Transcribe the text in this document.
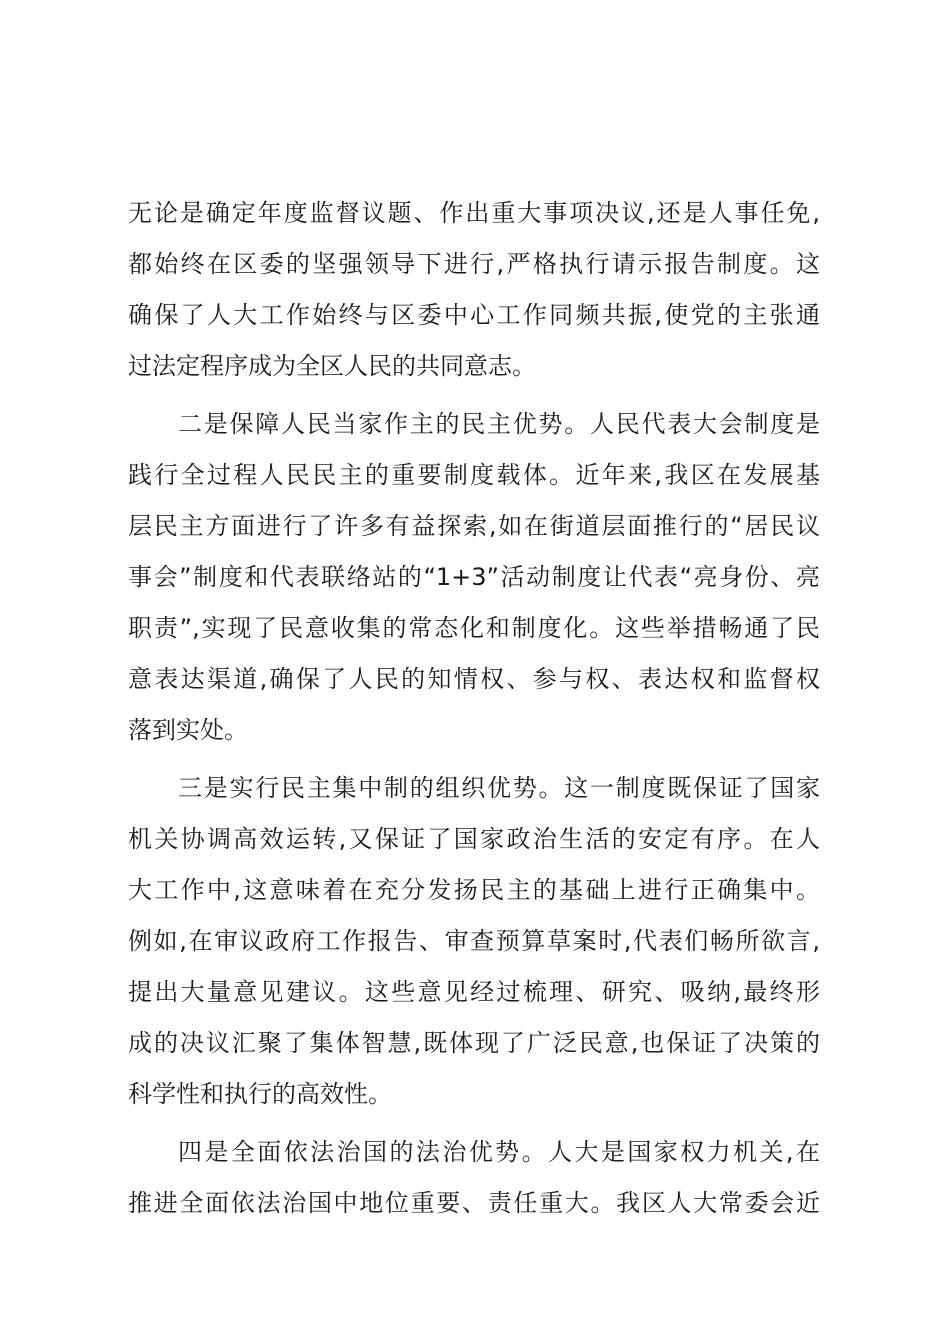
无论是确定年度监督议题、作出重大事项决议,还是人事任免,
都始终在区委的坚强领导下进行,严格执行请示报告制度。这
确保了人大工作始终与区委中心工作同频共振,使党的主张通
过法定程序成为全区人民的共同意志。
二是保障人民当家作主的民主优势。人民代表大会制度是
践行全过程人民民主的重要制度载体。近年来,我区在发展基
层民主方面进行了许多有益探索,如在街道层面推行的“居民议
事会”制度和代表联络站的“1+3”活动制度让代表“亮身份、亮
职责”,实现了民意收集的常态化和制度化。这些举措畅通了民
意表达渠道,确保了人民的知情权、参与权、表达权和监督权
落到实处。
三是实行民主集中制的组织优势。这一制度既保证了国家
机关协调高效运转,又保证了国家政治生活的安定有序。在人
大工作中,这意味着在充分发扬民主的基础上进行正确集中。
例如,在审议政府工作报告、审查预算草案时,代表们畅所欲言,
提出大量意见建议。这些意见经过梳理、研究、吸纳,最终形
成的决议汇聚了集体智慧,既体现了广泛民意,也保证了决策的
科学性和执行的高效性。
四是全面依法治国的法治优势。人大是国家权力机关,在
推进全面依法治国中地位重要、责任重大。我区人大常委会近
